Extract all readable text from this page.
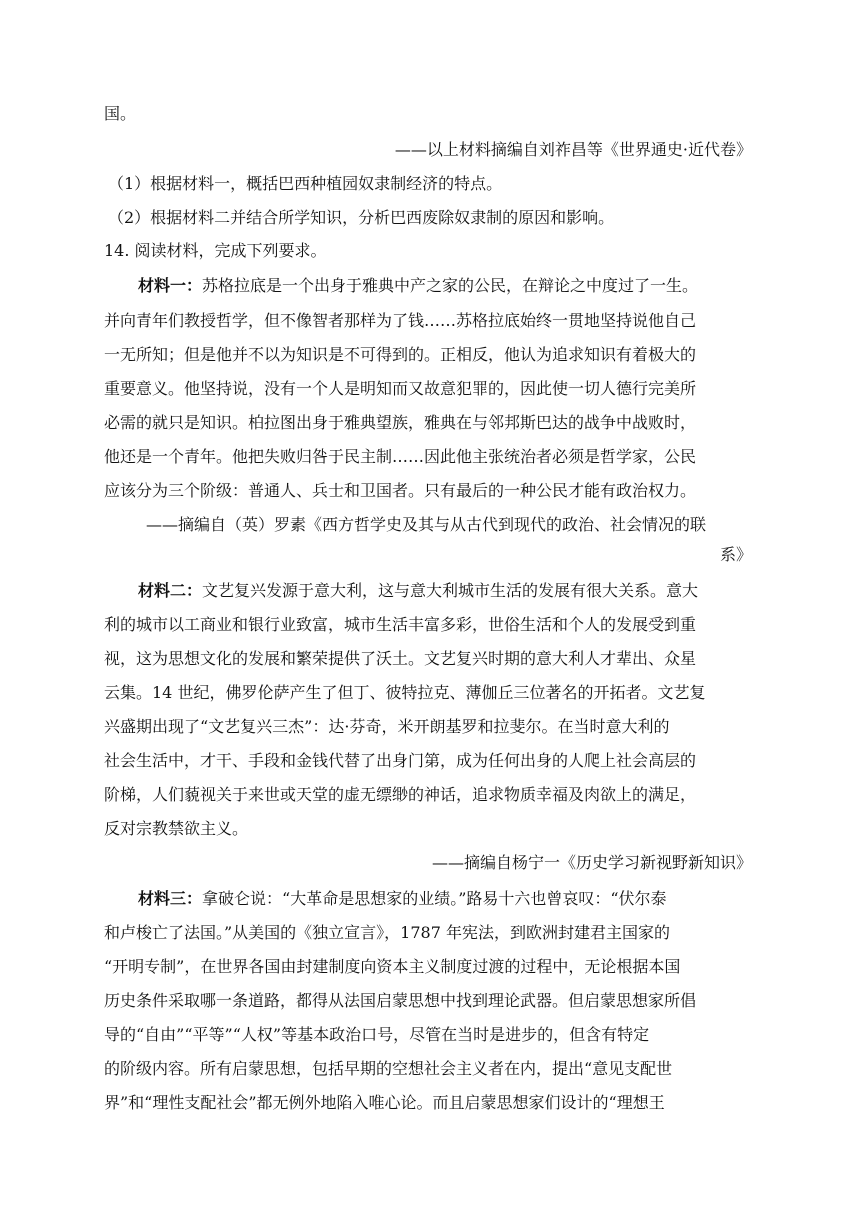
国。
——以上材料摘编自刘祚昌等《世界通史·近代卷》
（1）根据材料一，概括巴西种植园奴隶制经济的特点。
（2）根据材料二并结合所学知识，分析巴西废除奴隶制的原因和影响。
14. 阅读材料，完成下列要求。
材料一：苏格拉底是一个出身于雅典中产之家的公民，在辩论之中度过了一生。
并向青年们教授哲学，但不像智者那样为了钱……苏格拉底始终一贯地坚持说他自己
一无所知；但是他并不以为知识是不可得到的。正相反，他认为追求知识有着极大的
重要意义。他坚持说，没有一个人是明知而又故意犯罪的，因此使一切人德行完美所
必需的就只是知识。柏拉图出身于雅典望族，雅典在与邻邦斯巴达的战争中战败时，
他还是一个青年。他把失败归咎于民主制……因此他主张统治者必须是哲学家，公民
应该分为三个阶级：普通人、兵士和卫国者。只有最后的一种公民才能有政治权力。
——摘编自（英）罗素《西方哲学史及其与从古代到现代的政治、社会情况的联
系》
材料二：文艺复兴发源于意大利，这与意大利城市生活的发展有很大关系。意大
利的城市以工商业和银行业致富，城市生活丰富多彩，世俗生活和个人的发展受到重
视，这为思想文化的发展和繁荣提供了沃土。文艺复兴时期的意大利人才辈出、众星
云集。14 世纪，佛罗伦萨产生了但丁、彼特拉克、薄伽丘三位著名的开拓者。文艺复
兴盛期出现了“文艺复兴三杰”：达·芬奇，米开朗基罗和拉斐尔。在当时意大利的
社会生活中，才干、手段和金钱代替了出身门第，成为任何出身的人爬上社会高层的
阶梯，人们藐视关于来世或天堂的虚无缥缈的神话，追求物质幸福及肉欲上的满足，
反对宗教禁欲主义。
——摘编自杨宁一《历史学习新视野新知识》
材料三：拿破仑说：“大革命是思想家的业绩。”路易十六也曾哀叹：“伏尔泰
和卢梭亡了法国。”从美国的《独立宣言》，1787 年宪法，到欧洲封建君主国家的
“开明专制”，在世界各国由封建制度向资本主义制度过渡的过程中，无论根据本国
历史条件采取哪一条道路，都得从法国启蒙思想中找到理论武器。但启蒙思想家所倡
导的“自由”“平等”“人权”等基本政治口号，尽管在当时是进步的，但含有特定
的阶级内容。所有启蒙思想，包括早期的空想社会主义者在内，提出“意见支配世
界”和“理性支配社会”都无例外地陷入唯心论。而且启蒙思想家们设计的“理想王
